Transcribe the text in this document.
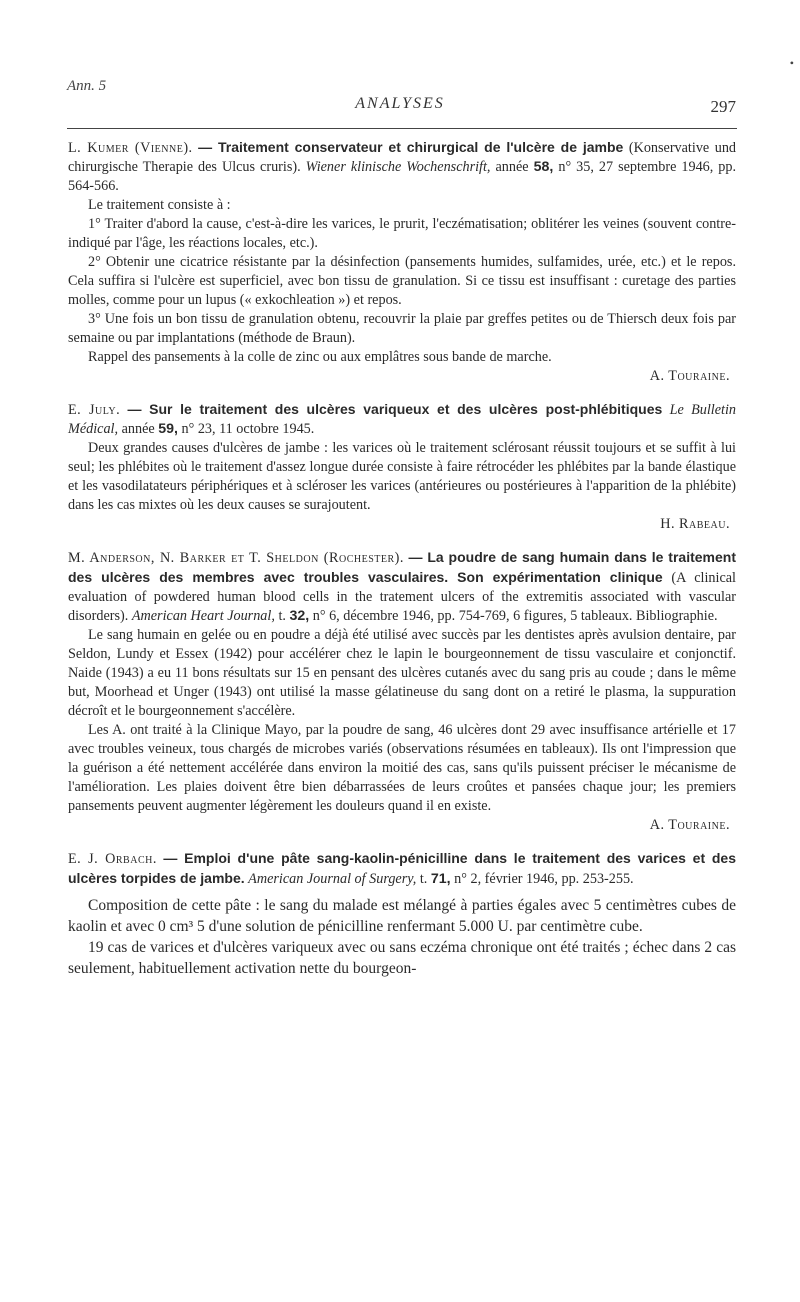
•
Ann. 5
ANALYSES	297

L. Kumer (Vienne). — Traitement conservateur et chirurgical de l'ulcère de jambe (Konservative und chirurgische Therapie des Ulcus cruris). Wiener klinische Wochenschrift, année 58, n° 35, 27 septembre 1946, pp. 564-566.

Le traitement consiste à :

1° Traiter d'abord la cause, c'est-à-dire les varices, le prurit, l'eczématisation; oblitérer les veines (souvent contre-indiqué par l'âge, les réactions locales, etc.).

2° Obtenir une cicatrice résistante par la désinfection (pansements humides, sulfamides, urée, etc.) et le repos. Cela suffira si l'ulcère est superficiel, avec bon tissu de granulation. Si ce tissu est insuffisant : curetage des parties molles, comme pour un lupus (« exkochleation ») et repos.

3° Une fois un bon tissu de granulation obtenu, recouvrir la plaie par greffes petites ou de Thiersch deux fois par semaine ou par implantations (méthode de Braun).

Rappel des pansements à la colle de zinc ou aux emplâtres sous bande de marche.

A. Touraine.

E. July. — Sur le traitement des ulcères variqueux et des ulcères post-phlébitiques Le Bulletin Médical, année 59, n° 23, 11 octobre 1945.

Deux grandes causes d'ulcères de jambe : les varices où le traitement sclérosant réussit toujours et se suffit à lui seul; les phlébites où le traitement d'assez longue durée consiste à faire rétrocéder les phlébites par la bande élastique et les vasodilatateurs périphériques et à scléroser les varices (antérieures ou postérieures à l'apparition de la phlébite) dans les cas mixtes où les deux causes se surajoutent.

H. Rabeau.

M. Anderson, N. Barker et T. Sheldon (Rochester). — La poudre de sang humain dans le traitement des ulcères des membres avec troubles vasculaires. Son expérimentation clinique (A clinical evaluation of powdered human blood cells in the tratement ulcers of the extremitis associated with vascular disorders). American Heart Journal, t. 32, n° 6, décembre 1946, pp. 754-769, 6 figures, 5 tableaux. Bibliographie.

Le sang humain en gelée ou en poudre a déjà été utilisé avec succès par les dentistes après avulsion dentaire, par Seldon, Lundy et Essex (1942) pour accélérer chez le lapin le bourgeonnement de tissu vasculaire et conjonctif. Naide (1943) a eu 11 bons résultats sur 15 en pensant des ulcères cutanés avec du sang pris au coude ; dans le même but, Moorhead et Unger (1943) ont utilisé la masse gélatineuse du sang dont on a retiré le plasma, la suppuration décroît et le bourgeonnement s'accélère.

Les A. ont traité à la Clinique Mayo, par la poudre de sang, 46 ulcères dont 29 avec insuffisance artérielle et 17 avec troubles veineux, tous chargés de microbes variés (observations résumées en tableaux). Ils ont l'impression que la guérison a été nettement accélérée dans environ la moitié des cas, sans qu'ils puissent préciser le mécanisme de l'amélioration. Les plaies doivent être bien débarrassées de leurs croûtes et pansées chaque jour; les premiers pansements peuvent augmenter légèrement les douleurs quand il en existe.

A. Touraine.

E. J. Orbach. — Emploi d'une pâte sang-kaolin-pénicilline dans le traitement des varices et des ulcères torpides de jambe. American Journal of Surgery, t. 71, n° 2, février 1946, pp. 253-255.

Composition de cette pâte : le sang du malade est mélangé à parties égales avec 5 centimètres cubes de kaolin et avec 0 cm³ 5 d'une solution de pénicilline renfermant 5.000 U. par centimètre cube.

19 cas de varices et d'ulcères variqueux avec ou sans eczéma chronique ont été traités ; échec dans 2 cas seulement, habituellement activation nette du bourgeon-
